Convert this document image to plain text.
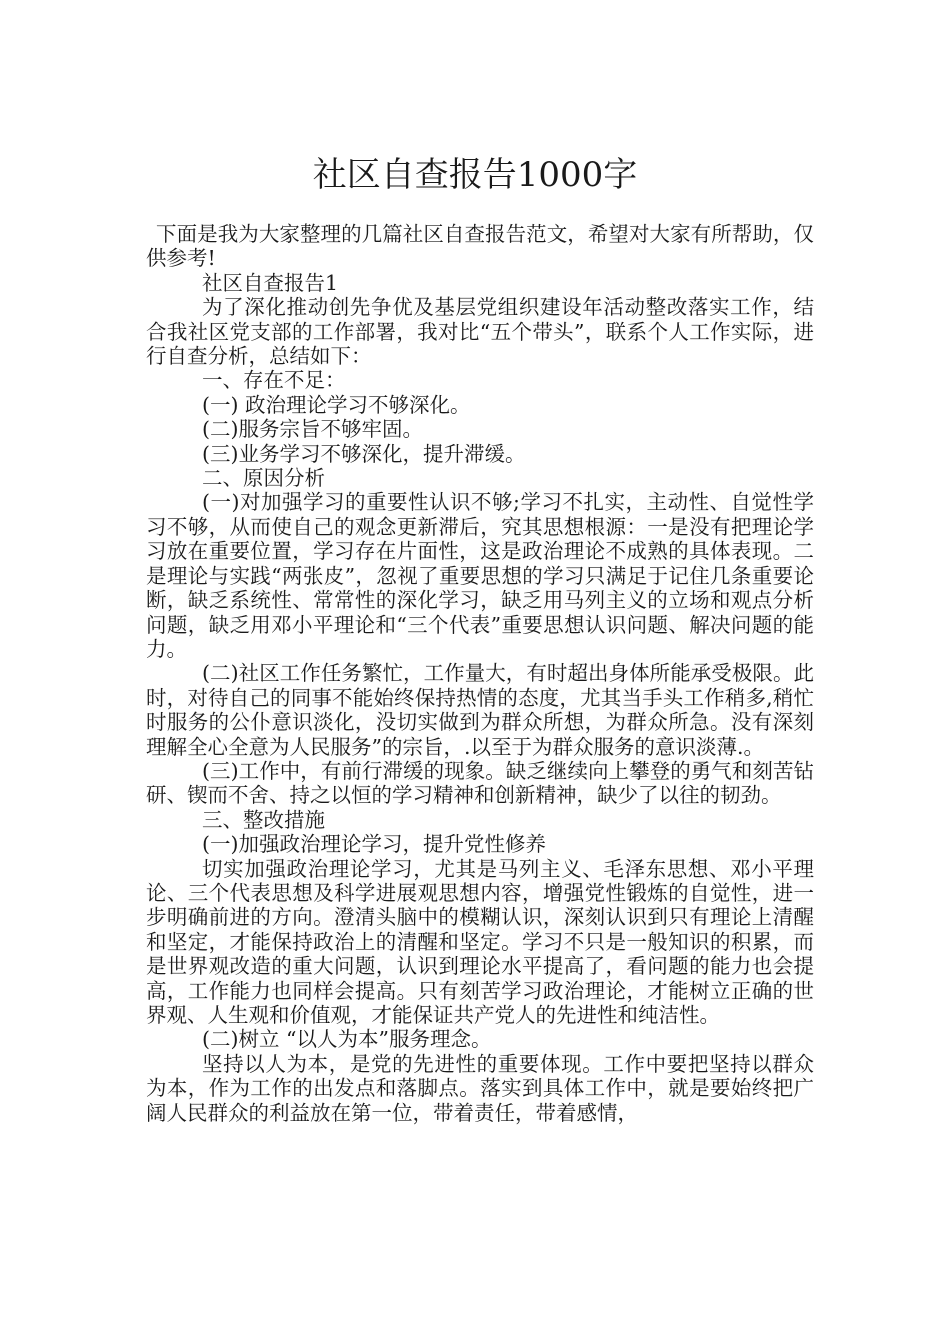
社区自查报告1000字

下面是我为大家整理的几篇社区自查报告范文，希望对大家有所帮助，仅供参考!

社区自查报告1

为了深化推动创先争优及基层党组织建设年活动整改落实工作，结合我社区党支部的工作部署，我对比“五个带头”，联系个人工作实际，进行自查分析，总结如下：

一、存在不足：

(一) 政治理论学习不够深化。

(二)服务宗旨不够牢固。

(三)业务学习不够深化，提升滞缓。

二、原因分析

(一)对加强学习的重要性认识不够;学习不扎实，主动性、自觉性学习不够，从而使自己的观念更新滞后，究其思想根源：一是没有把理论学习放在重要位置，学习存在片面性，这是政治理论不成熟的具体表现。二是理论与实践“两张皮”，忽视了重要思想的学习只满足于记住几条重要论断，缺乏系统性、常常性的深化学习，缺乏用马列主义的立场和观点分析问题，缺乏用邓小平理论和“三个代表”重要思想认识问题、解决问题的能力。

(二)社区工作任务繁忙，工作量大，有时超出身体所能承受极限。此时，对待自己的同事不能始终保持热情的态度，尤其当手头工作稍多,稍忙时服务的公仆意识淡化，没切实做到为群众所想，为群众所急。没有深刻理解全心全意为人民服务”的宗旨，.以至于为群众服务的意识淡薄.。

(三)工作中，有前行滞缓的现象。缺乏继续向上攀登的勇气和刻苦钻研、锲而不舍、持之以恒的学习精神和创新精神，缺少了以往的韧劲。

三、整改措施

(一)加强政治理论学习，提升党性修养

切实加强政治理论学习，尤其是马列主义、毛泽东思想、邓小平理论、三个代表思想及科学进展观思想内容，增强党性锻炼的自觉性，进一步明确前进的方向。澄清头脑中的模糊认识，深刻认识到只有理论上清醒和坚定，才能保持政治上的清醒和坚定。学习不只是一般知识的积累，而是世界观改造的重大问题，认识到理论水平提高了，看问题的能力也会提高，工作能力也同样会提高。只有刻苦学习政治理论，才能树立正确的世界观、人生观和价值观，才能保证共产党人的先进性和纯洁性。

(二)树立 “以人为本”服务理念。

坚持以人为本，是党的先进性的重要体现。工作中要把坚持以群众为本，作为工作的出发点和落脚点。落实到具体工作中，就是要始终把广阔人民群众的利益放在第一位，带着责任，带着感情，
